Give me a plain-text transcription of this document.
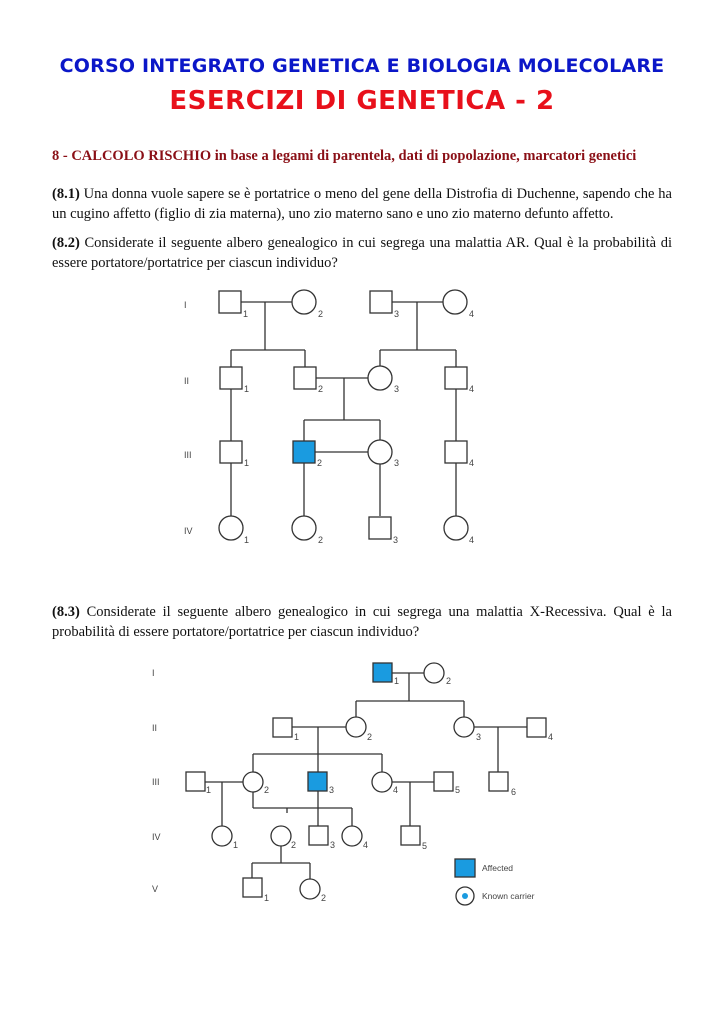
CORSO INTEGRATO GENETICA E BIOLOGIA MOLECOLARE
ESERCIZI DI GENETICA - 2
8 - CALCOLO RISCHIO in base a legami di parentela, dati di popolazione, marcatori genetici
(8.1) Una donna vuole sapere se è portatrice o meno del gene della Distrofia di Duchenne, sapendo che ha un cugino affetto (figlio di zia materna), uno zio materno sano e uno zio materno defunto affetto.
(8.2) Considerate il seguente albero genealogico in cui segrega una malattia AR. Qual è la probabilità di essere portatore/portatrice per ciascun individuo?
I
II
III
IV
1	2	3	4
1	2	3	4
1	2	3	4
1	2	3	4
(8.3) Considerate il seguente albero genealogico in cui segrega una malattia X-Recessiva. Qual è la probabilità di essere portatore/portatrice per ciascun individuo?
I
II
III
IV
V
1	2
1	2	3	4
1	2	3	4	5	6
1	2	3	4	5
1	2
Affected
Known carrier
